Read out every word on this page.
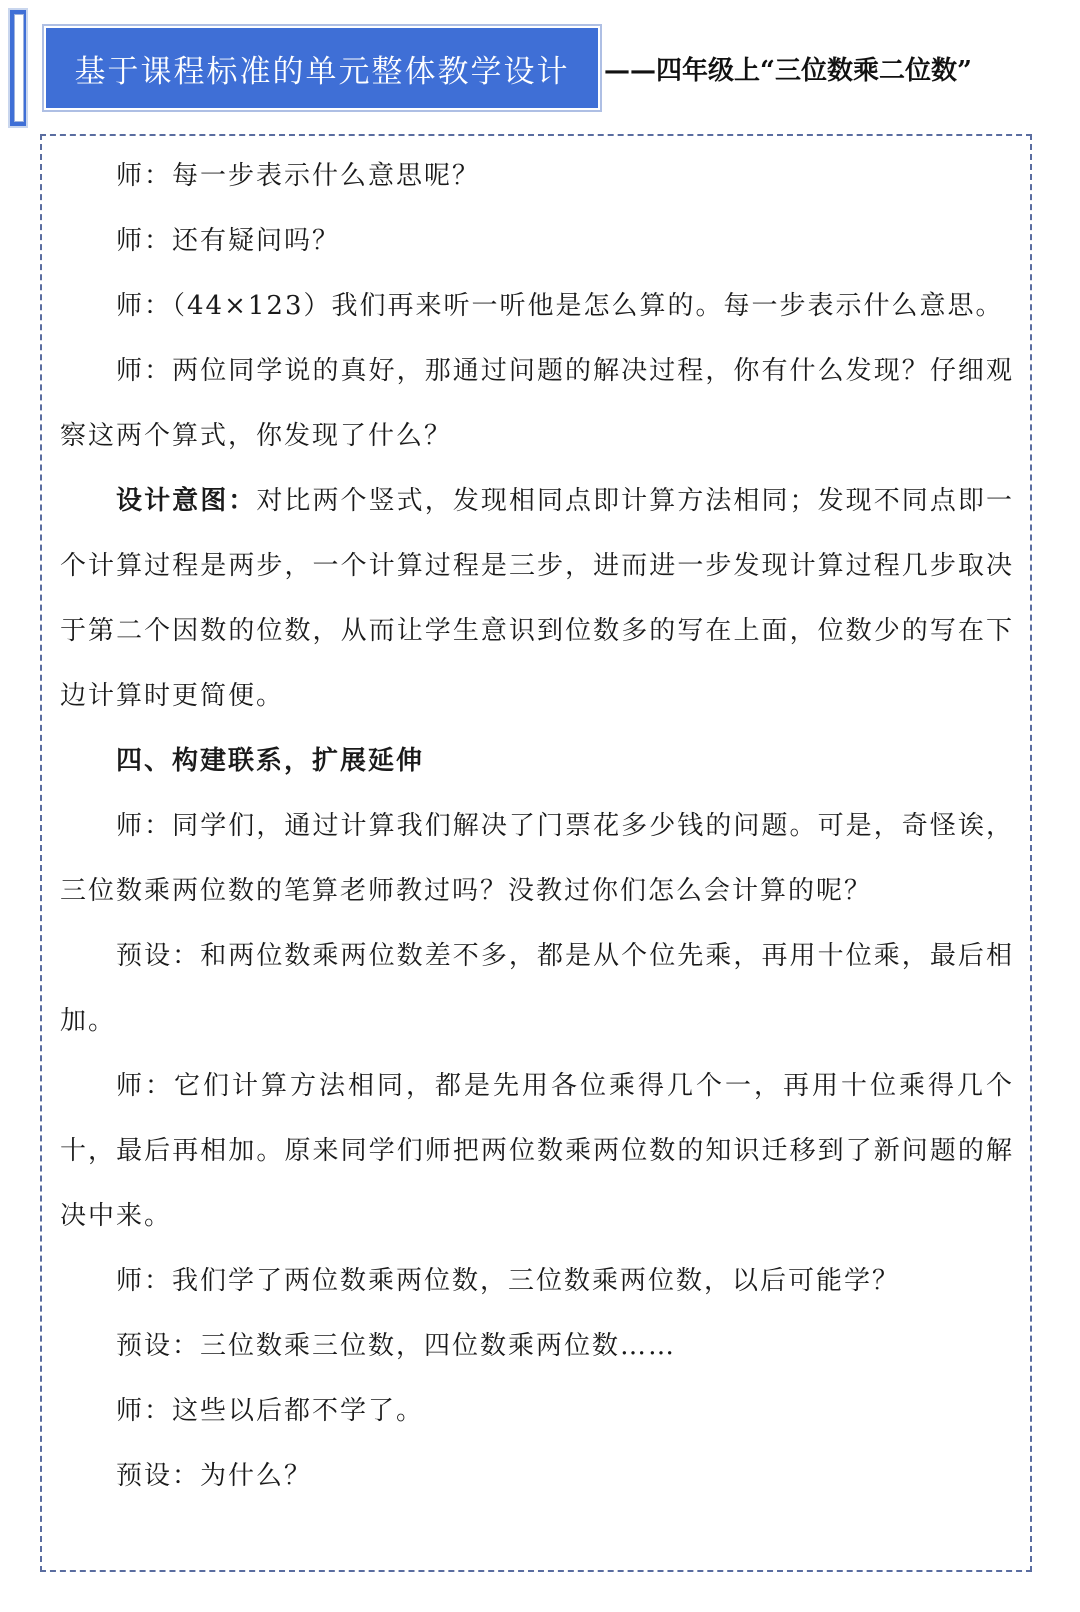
基于课程标准的单元整体教学设计 ——四年级上“三位数乘二位数”

师：每一步表示什么意思呢？

师：还有疑问吗？

师：（44×123）我们再来听一听他是怎么算的。每一步表示什么意思。

师：两位同学说的真好，那通过问题的解决过程，你有什么发现？仔细观察这两个算式，你发现了什么？

设计意图：对比两个竖式，发现相同点即计算方法相同；发现不同点即一个计算过程是两步，一个计算过程是三步，进而进一步发现计算过程几步取决于第二个因数的位数，从而让学生意识到位数多的写在上面，位数少的写在下边计算时更简便。

四、构建联系，扩展延伸

师：同学们，通过计算我们解决了门票花多少钱的问题。可是，奇怪诶，三位数乘两位数的笔算老师教过吗？没教过你们怎么会计算的呢？

预设：和两位数乘两位数差不多，都是从个位先乘，再用十位乘，最后相加。

师：它们计算方法相同，都是先用各位乘得几个一，再用十位乘得几个十，最后再相加。原来同学们师把两位数乘两位数的知识迁移到了新问题的解决中来。

师：我们学了两位数乘两位数，三位数乘两位数，以后可能学？

预设：三位数乘三位数，四位数乘两位数……

师：这些以后都不学了。

预设：为什么？
